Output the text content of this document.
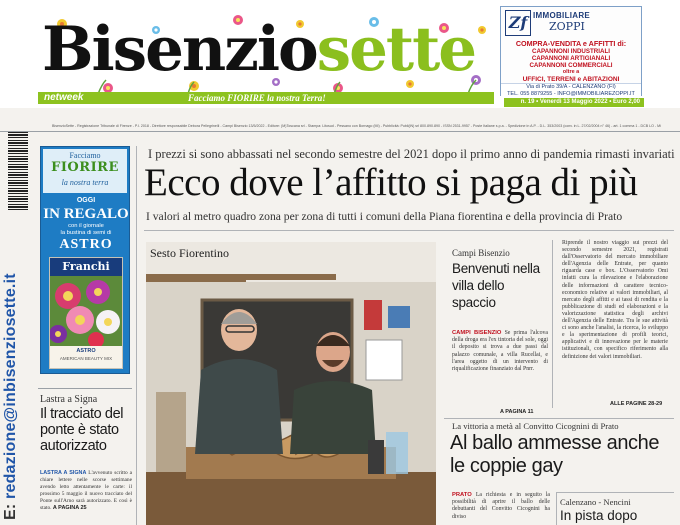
Bisenziosette
netweek	Facciamo FIORIRE la nostra Terra!
Zf IMMOBILIARE
ZOPPI
COMPRA-VENDITA e AFFITTI di:
CAPANNONI INDUSTRIALI
CAPANNONI ARTIGIANALI
CAPANNONI COMMERCIALI
oltre a
UFFICI, TERRENI e ABITAZIONI
Via di Prato 39/A - CALENZANO (FI)
TEL. 055 8879255 - INFO@IMMOBILIAREZOPPI.IT
n. 19 • Venerdì 13 Maggio 2022 • Euro 2,00
BisenzioSette - Registrazione Tribunale di Firenze - P.I. 2018 - Direttore responsabile Debora Pellegrinelli - Campi Bisenzio 13/5/2022 - Editore: (M)Toscana srl - Stampa: Litosud - Pessano con Bornago (MI) - Pubblicità: Publi(iN) srl 800.890.890 - ISSN 2531-9957 - Poste Italiane s.p.a. - Spedizione in A.P. - D.L. 353/2003 (conv. in L. 27/02/2004 n° 46) - art. 1 comma 1 - DCB LO - Mi
E: redazione@inbisenziosette.it
Facciamo
FIORIRE
la nostra terra
OGGI
IN REGALO
con il giornale
la bustina di semi di
ASTRO
Franchi
ASTRO
AMERICAN BEAUTY MIX
Lastra a Signa
Il tracciato del ponte è stato autorizzato
LASTRA A SIGNA L'avvenuto scritto a chiare lettere nelle scorse settimane avendo letto attentamente le carte: il prossimo 5 maggio il nuovo tracciato del Ponte sull'Arno sarà autorizzato. E così è stato. A PAGINA 25
I prezzi si sono abbassati nel secondo semestre del 2021 dopo il primo anno di pandemia rimasti invariati
Ecco dove l’affitto si paga di più
I valori al metro quadro zona per zona di tutti i comuni della Piana fiorentina e della provincia di Prato
Sesto Fiorentino	Campi Bisenzio
Benvenuti nella villa dello spaccio
CAMPI BISENZIO Se prima l'alcova della droga era l'ex tintoria del sole, oggi il deposito si trova a due passi dal palazzo comunale, a villa Rucellai, e l'area oggetto di un intervento di riqualificazione finanziato dal Pnrr.
A PAGINA 11
Riprende il nostro viaggio sui prezzi del secondo semestre 2021, registrati dall'Osservatorio del mercato immobiliare dell'Agenzia delle Entrate, per quanto riguarda case e box. L'Osservatorio Omi infatti cura la rilevazione e l'elaborazione delle informazioni di carattere tecnico-economico relative ai valori immobiliari, al mercato degli affitti e ai tassi di rendita e la pubblicazione di studi ed elaborazioni e la valorizzazione statistica degli archivi dell'Agenzia delle Entrate. Tra le sue attività ci sono anche l'analisi, la ricerca, lo sviluppo e la sperimentazione di profili teorici, applicativi e di innovazione per le materie istituzionali, con specifico riferimento alla definizione dei valori immobiliari.
ALLE PAGINE 28-29
La vittoria a metà al Convitto Cicognini di Prato
Al ballo ammesse anche le coppie gay
PRATO La richiesta e in seguito la possibilità di aprire il ballo delle debuttanti del Convitto Cicognini ha diviso
Calenzano - Nencini
In pista dopo
